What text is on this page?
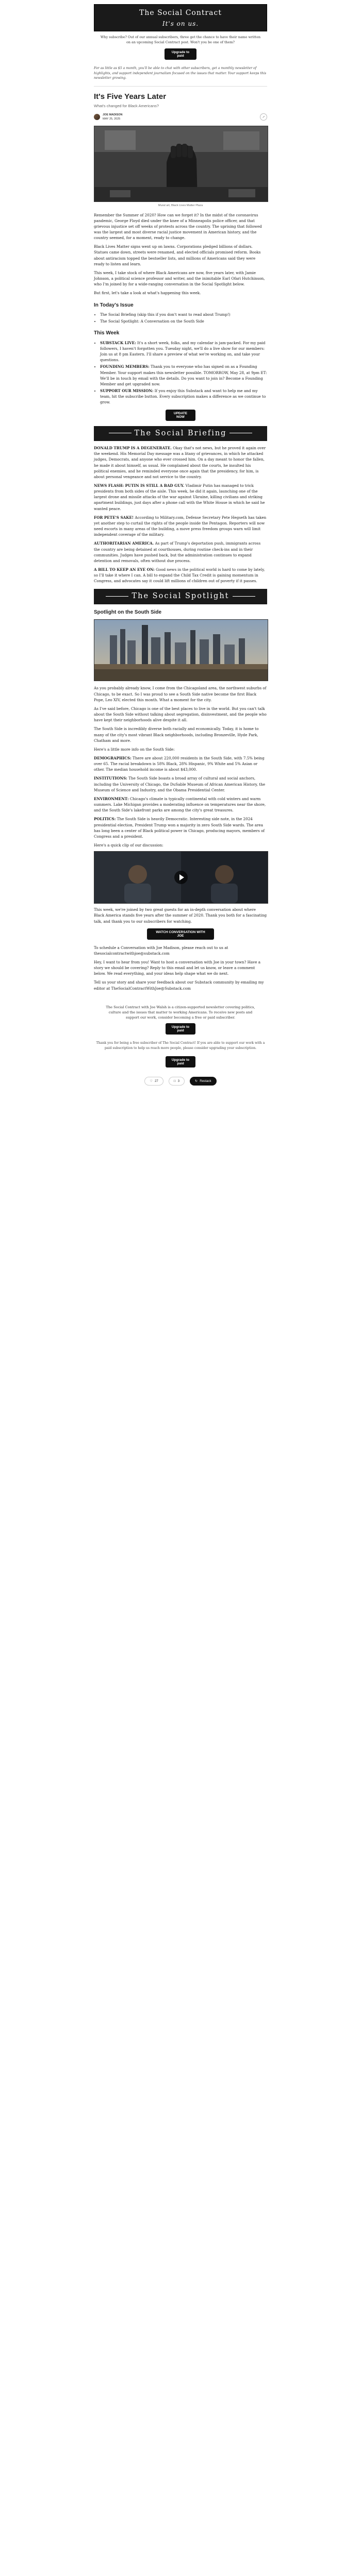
The Social Contract
It's on us.

Why subscribe? Out of our annual subscribers, three get the chance to have their name written on an upcoming Social Contract post. Won't you be one of them?

Upgrade to paid

For as little as $5 a month, you'll be able to chat with other subscribers, get a monthly newsletter of highlights, and support independent journalism focused on the issues that matter. Your support keeps this newsletter growing.

It's Five Years Later
What's changed for Black Americans?
JOE MADISON
MAY 25, 2025
↗
Mural art, Black Lives Matter Plaza

Remember the Summer of 2020? How can we forget it? In the midst of the coronavirus pandemic, George Floyd died under the knee of a Minneapolis police officer, and that grievous injustice set off weeks of protests across the country. The uprising that followed was the largest and most diverse racial justice movement in American history, and the country seemed, for a moment, ready to change.

Black Lives Matter signs went up on lawns. Corporations pledged billions of dollars. Statues came down, streets were renamed, and elected officials promised reform. Books about antiracism topped the bestseller lists, and millions of Americans said they were ready to listen and learn.

This week, I take stock of where Black Americans are now, five years later, with Jamie Johnson, a political science professor and writer, and the inimitable Earl Ofari Hutchinson, who I'm joined by for a wide-ranging conversation in the Social Spotlight below.

But first, let's take a look at what's happening this week.

In Today's Issue
• The Social Briefing (skip this if you don't want to read about Trump!)
• The Social Spotlight: A Conversation on the South Side
This Week
• SUBSTACK LIVE: It's a short week, folks, and my calendar is jam-packed. For my paid followers, I haven't forgotten you. Tuesday night, we'll do a live show for our members: Join us at 8 pm Eastern. I'll share a preview of what we're working on, and take your questions.
• FOUNDING MEMBERS: Thank you to everyone who has signed on as a Founding Member. Your support makes this newsletter possible. TOMORROW, May 28, at 9pm ET: We'll be in touch by email with the details. Do you want to join in? Become a Founding Member and get upgraded now.
• SUPPORT OUR MISSION: If you enjoy this Substack and want to help me and my team, hit the subscribe button. Every subscription makes a difference as we continue to grow.
UPDATE NOW
The Social Briefing

DONALD TRUMP IS A DEGENERATE. Okay that's not news, but he proved it again over the weekend. His Memorial Day message was a litany of grievances, in which he attacked judges, Democrats, and anyone who ever crossed him. On a day meant to honor the fallen, he made it about himself, as usual. He complained about the courts, he insulted his political enemies, and he reminded everyone once again that the presidency, for him, is about personal vengeance and not service to the country.

NEWS FLASH: PUTIN IS STILL A BAD GUY. Vladimir Putin has managed to trick presidents from both sides of the aisle. This week, he did it again, launching one of the largest drone and missile attacks of the war against Ukraine, killing civilians and striking apartment buildings, just days after a phone call with the White House in which he said he wanted peace.

FOR PETE'S SAKE! According to Military.com, Defense Secretary Pete Hegseth has taken yet another step to curtail the rights of the people inside the Pentagon. Reporters will now need escorts in many areas of the building, a move press freedom groups warn will limit independent coverage of the military.

AUTHORITARIAN AMERICA. As part of Trump's deportation push, immigrants across the country are being detained at courthouses, during routine check-ins and in their communities. Judges have pushed back, but the administration continues to expand detention and removals, often without due process.

A BILL TO KEEP AN EYE ON: Good news in the political world is hard to come by lately, so I'll take it where I can. A bill to expand the Child Tax Credit is gaining momentum in Congress, and advocates say it could lift millions of children out of poverty if it passes.

The Social Spotlight
Spotlight on the South Side

As you probably already know, I come from the Chicagoland area, the northwest suburbs of Chicago, to be exact. So I was proud to see a South Side native become the first Black Pope, Leo XIV, elected this month. What a moment for the city.

As I've said before, Chicago is one of the best places to live in the world. But you can't talk about the South Side without talking about segregation, disinvestment, and the people who have kept their neighborhoods alive despite it all.

The South Side is incredibly diverse both racially and economically. Today, it is home to many of the city's most vibrant Black neighborhoods, including Bronzeville, Hyde Park, Chatham and more.

Here's a little more info on the South Side:

DEMOGRAPHICS: There are about 220,000 residents in the South Side, with 7.5% being over 65. The racial breakdown is 58% Black, 28% Hispanic, 9% White and 5% Asian or other. The median household income is about $43,000.

INSTITUTIONS: The South Side boasts a broad array of cultural and social anchors, including the University of Chicago, the DuSable Museum of African American History, the Museum of Science and Industry, and the Obama Presidential Center.

ENVIRONMENT: Chicago's climate is typically continental with cold winters and warm summers. Lake Michigan provides a moderating influence on temperatures near the shore, and the South Side's lakefront parks are among the city's great treasures.

POLITICS: The South Side is heavily Democratic. Interesting side note, in the 2024 presidential election, President Trump won a majority in zero South Side wards. The area has long been a center of Black political power in Chicago, producing mayors, members of Congress and a president.

Here's a quick clip of our discussion:

This week, we're joined by two great guests for an in-depth conversation about where Black America stands five years after the summer of 2020. Thank you both for a fascinating talk, and thank you to our subscribers for watching.

WATCH CONVERSATION WITH JOE

To schedule a Conversation with Joe Madison, please reach out to us at thesocialcontractwithjoe@substack.com

Hey, I want to hear from you! Want to host a conversation with Joe in your town? Have a story we should be covering? Reply to this email and let us know, or leave a comment below. We read everything, and your ideas help shape what we do next.

Tell us your story and share your feedback about our Substack community by emailing my editor at TheSocialContractWithJoe@Substack.com

The Social Contract with Joe Walsh is a citizen-supported newsletter covering politics, culture and the issues that matter to working Americans. To receive new posts and support our work, consider becoming a free or paid subscriber.

Upgrade to paid

Thank you for being a free subscriber of The Social Contract! If you are able to support our work with a paid subscription to help us reach more people, please consider upgrading your subscription.

Upgrade to paid
♡ 27	□ 3	↻ Restack
